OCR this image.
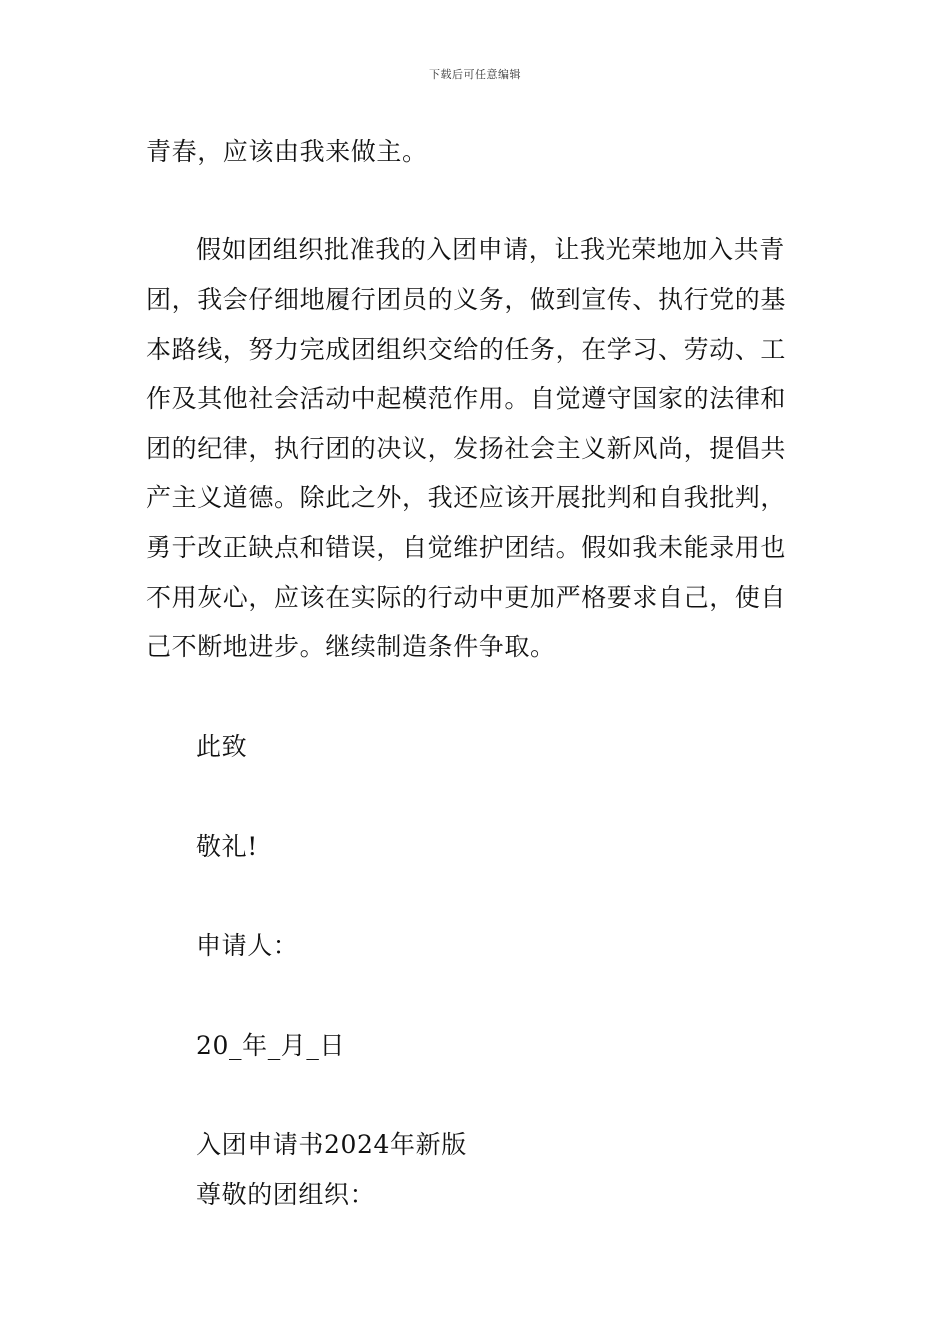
下载后可任意编辑
青春，应该由我来做主。
假如团组织批准我的入团申请，让我光荣地加入共青
团，我会仔细地履行团员的义务，做到宣传、执行党的基
本路线，努力完成团组织交给的任务，在学习、劳动、工
作及其他社会活动中起模范作用。自觉遵守国家的法律和
团的纪律，执行团的决议，发扬社会主义新风尚，提倡共
产主义道德。除此之外，我还应该开展批判和自我批判，
勇于改正缺点和错误，自觉维护团结。假如我未能录用也
不用灰心，应该在实际的行动中更加严格要求自己，使自
己不断地进步。继续制造条件争取。
此致
敬礼!
申请人：
20_年_月_日
入团申请书2024年新版
尊敬的团组织：
